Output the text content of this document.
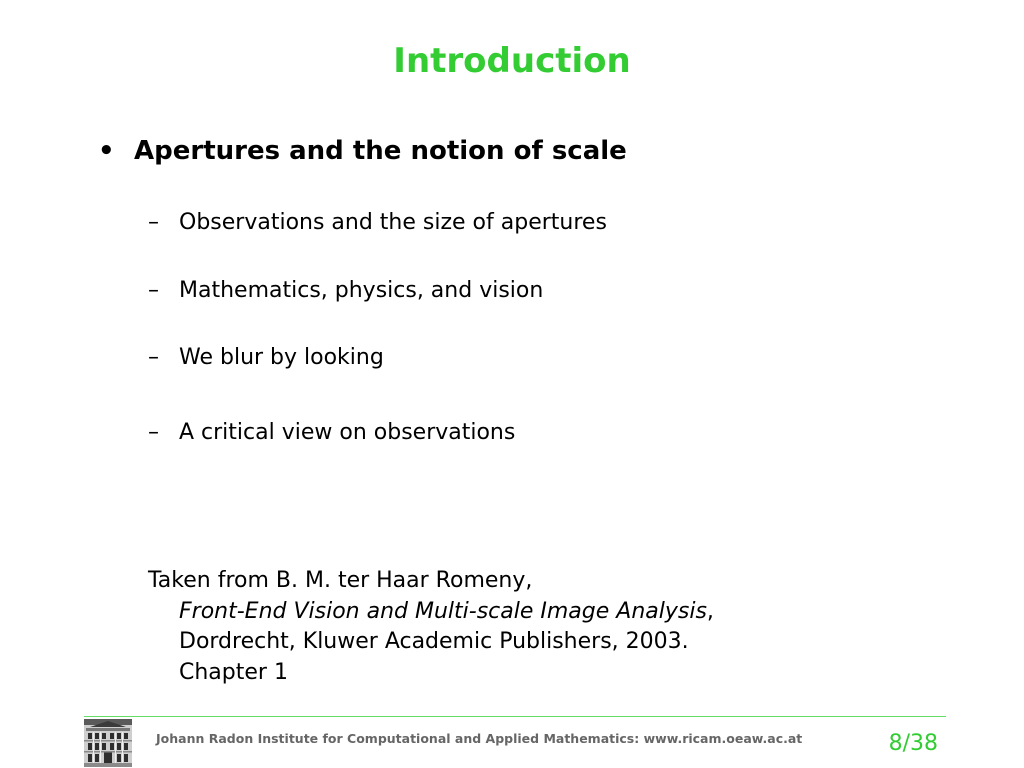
Introduction
• Apertures and the notion of scale
– Observations and the size of apertures
– Mathematics, physics, and vision
– We blur by looking
– A critical view on observations
Taken from B. M. ter Haar Romeny,
Front-End Vision and Multi-scale Image Analysis,
Dordrecht, Kluwer Academic Publishers, 2003.
Chapter 1
Johann Radon Institute for Computational and Applied Mathematics: www.ricam.oeaw.ac.at	8/38
